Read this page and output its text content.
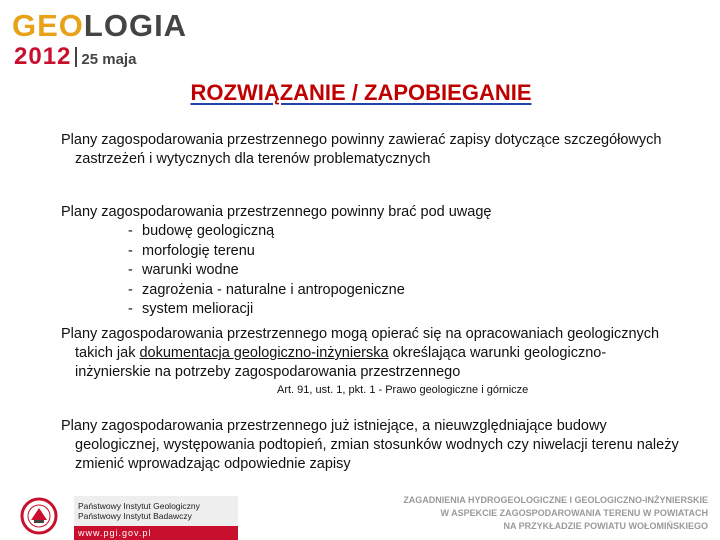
GEOLOGIA
2012 25 maja
ROZWIĄZANIE / ZAPOBIEGANIE
Plany zagospodarowania przestrzennego powinny zawierać zapisy dotyczące szczegółowych zastrzeżeń i wytycznych dla terenów problematycznych
Plany zagospodarowania przestrzennego powinny brać pod uwagę
- budowę geologiczną
- morfologię terenu
- warunki wodne
- zagrożenia - naturalne i antropogeniczne
- system melioracji
Plany zagospodarowania przestrzennego mogą opierać się na opracowaniach geologicznych takich jak dokumentacja geologiczno-inżynierska określająca warunki geologiczno-inżynierskie na potrzeby zagospodarowania przestrzennego
Art. 91, ust. 1, pkt. 1 - Prawo geologiczne i górnicze
Plany zagospodarowania przestrzennego już istniejące, a nieuwzględniające budowy geologicznej, występowania podtopień, zmian stosunków wodnych czy niwelacji terenu należy zmienić wprowadzając odpowiednie zapisy
Państwowy Instytut Geologiczny
Państwowy Instytut Badawczy
www.pgi.gov.pl
ZAGADNIENIA HYDROGEOLOGICZNE I GEOLOGICZNO-INŻYNIERSKIE
W ASPEKCIE ZAGOSPODAROWANIA TERENU W POWIATACH
NA PRZYKŁADZIE POWIATU WOŁOMIŃSKIEGO
